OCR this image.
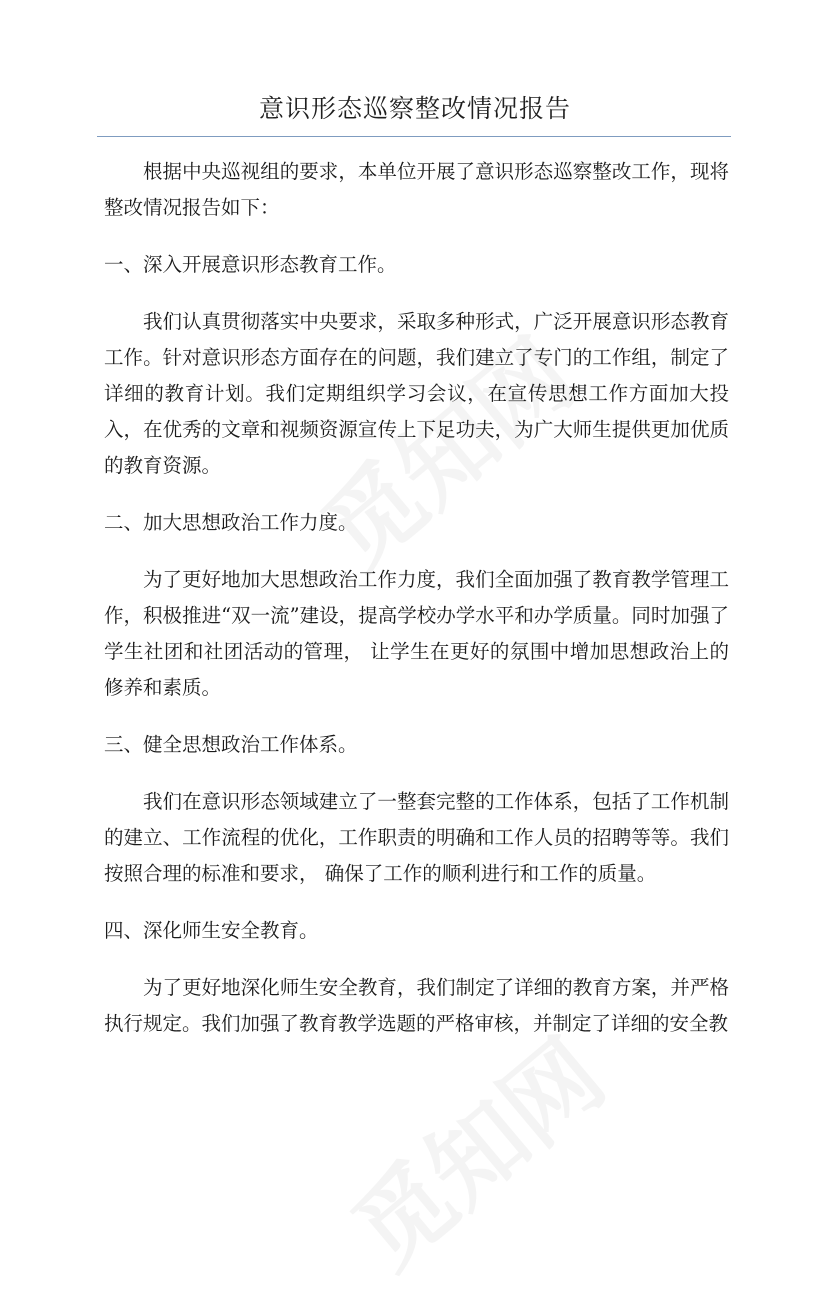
意识形态巡察整改情况报告

根据中央巡视组的要求，本单位开展了意识形态巡察整改工作，现将整改情况报告如下：

一、深入开展意识形态教育工作。

我们认真贯彻落实中央要求，采取多种形式，广泛开展意识形态教育工作。针对意识形态方面存在的问题，我们建立了专门的工作组，制定了详细的教育计划。我们定期组织学习会议，在宣传思想工作方面加大投入，在优秀的文章和视频资源宣传上下足功夫，为广大师生提供更加优质的教育资源。

二、加大思想政治工作力度。

为了更好地加大思想政治工作力度，我们全面加强了教育教学管理工作，积极推进“双一流”建设，提高学校办学水平和办学质量。同时加强了学生社团和社团活动的管理， 让学生在更好的氛围中增加思想政治上的修养和素质。

三、健全思想政治工作体系。

我们在意识形态领域建立了一整套完整的工作体系，包括了工作机制的建立、工作流程的优化，工作职责的明确和工作人员的招聘等等。我们按照合理的标准和要求， 确保了工作的顺利进行和工作的质量。

四、深化师生安全教育。

为了更好地深化师生安全教育，我们制定了详细的教育方案，并严格执行规定。我们加强了教育教学选题的严格审核，并制定了详细的安全教
